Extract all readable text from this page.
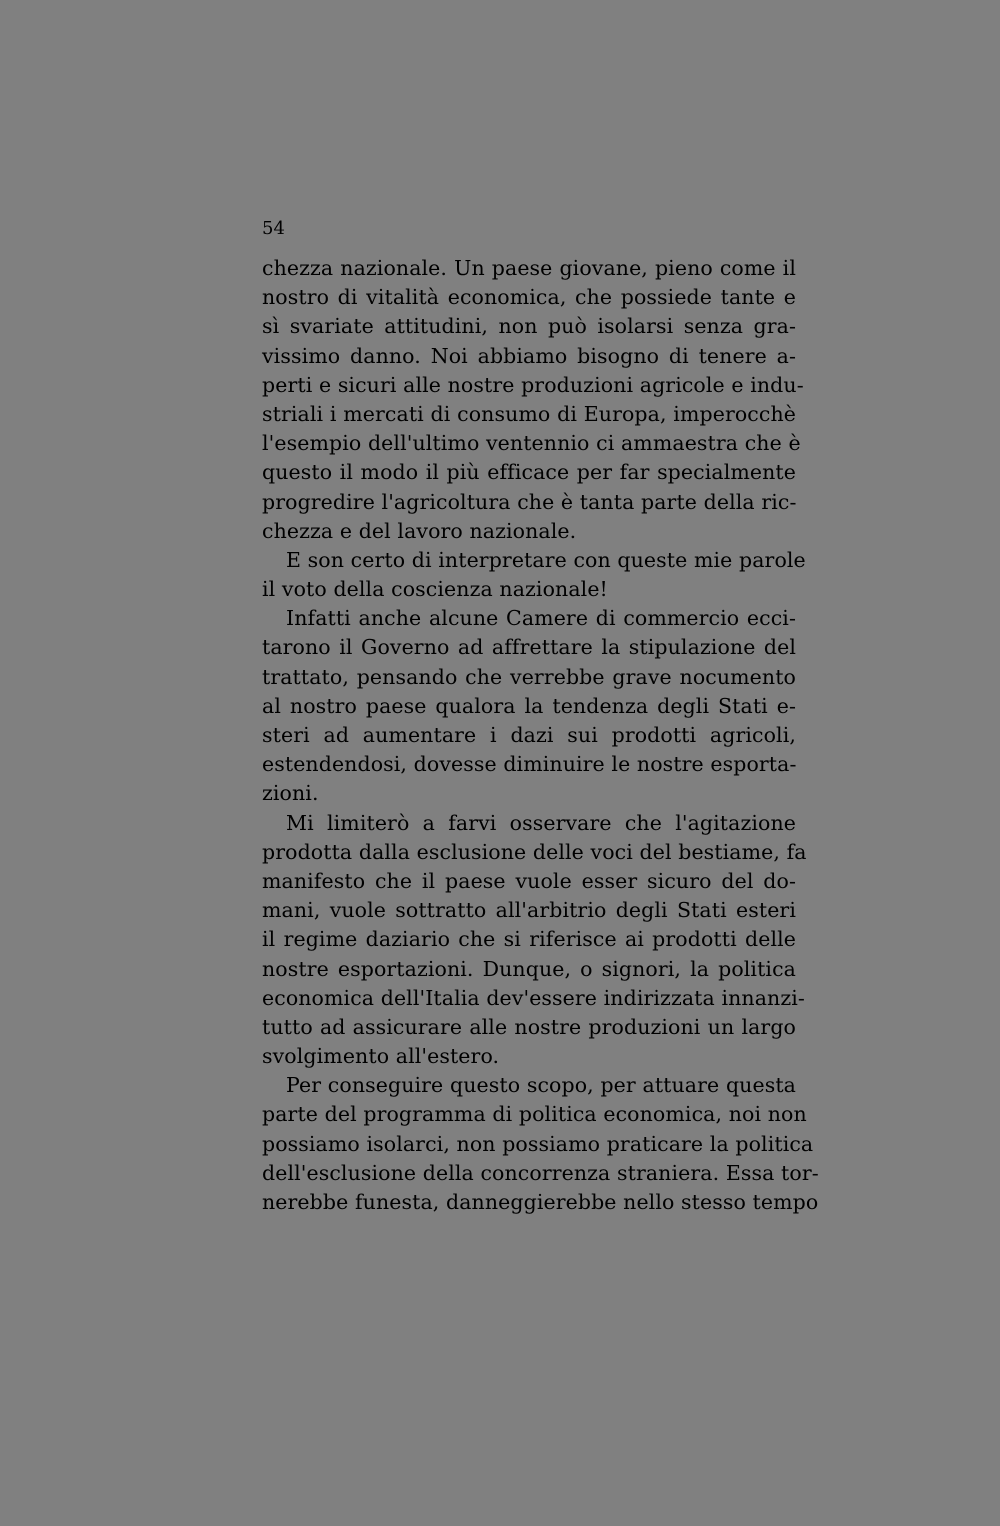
54

chezza nazionale. Un paese giovane, pieno come il
nostro di vitalità economica, che possiede tante e
sì svariate attitudini, non può isolarsi senza gra-
vissimo danno. Noi abbiamo bisogno di tenere a-
perti e sicuri alle nostre produzioni agricole e indu-
striali i mercati di consumo di Europa, imperocchè
l'esempio dell'ultimo ventennio ci ammaestra che è
questo il modo il più efficace per far specialmente
progredire l'agricoltura che è tanta parte della ric-
chezza e del lavoro nazionale.
E son certo di interpretare con queste mie parole
il voto della coscienza nazionale!
Infatti anche alcune Camere di commercio ecci-
tarono il Governo ad affrettare la stipulazione del
trattato, pensando che verrebbe grave nocumento
al nostro paese qualora la tendenza degli Stati e-
steri ad aumentare i dazi sui prodotti agricoli,
estendendosi, dovesse diminuire le nostre esporta-
zioni.
Mi limiterò a farvi osservare che l'agitazione
prodotta dalla esclusione delle voci del bestiame, fa
manifesto che il paese vuole esser sicuro del do-
mani, vuole sottratto all'arbitrio degli Stati esteri
il regime daziario che si riferisce ai prodotti delle
nostre esportazioni. Dunque, o signori, la politica
economica dell'Italia dev'essere indirizzata innanzi-
tutto ad assicurare alle nostre produzioni un largo
svolgimento all'estero.
Per conseguire questo scopo, per attuare questa
parte del programma di politica economica, noi non
possiamo isolarci, non possiamo praticare la politica
dell'esclusione della concorrenza straniera. Essa tor-
nerebbe funesta, danneggierebbe nello stesso tempo
